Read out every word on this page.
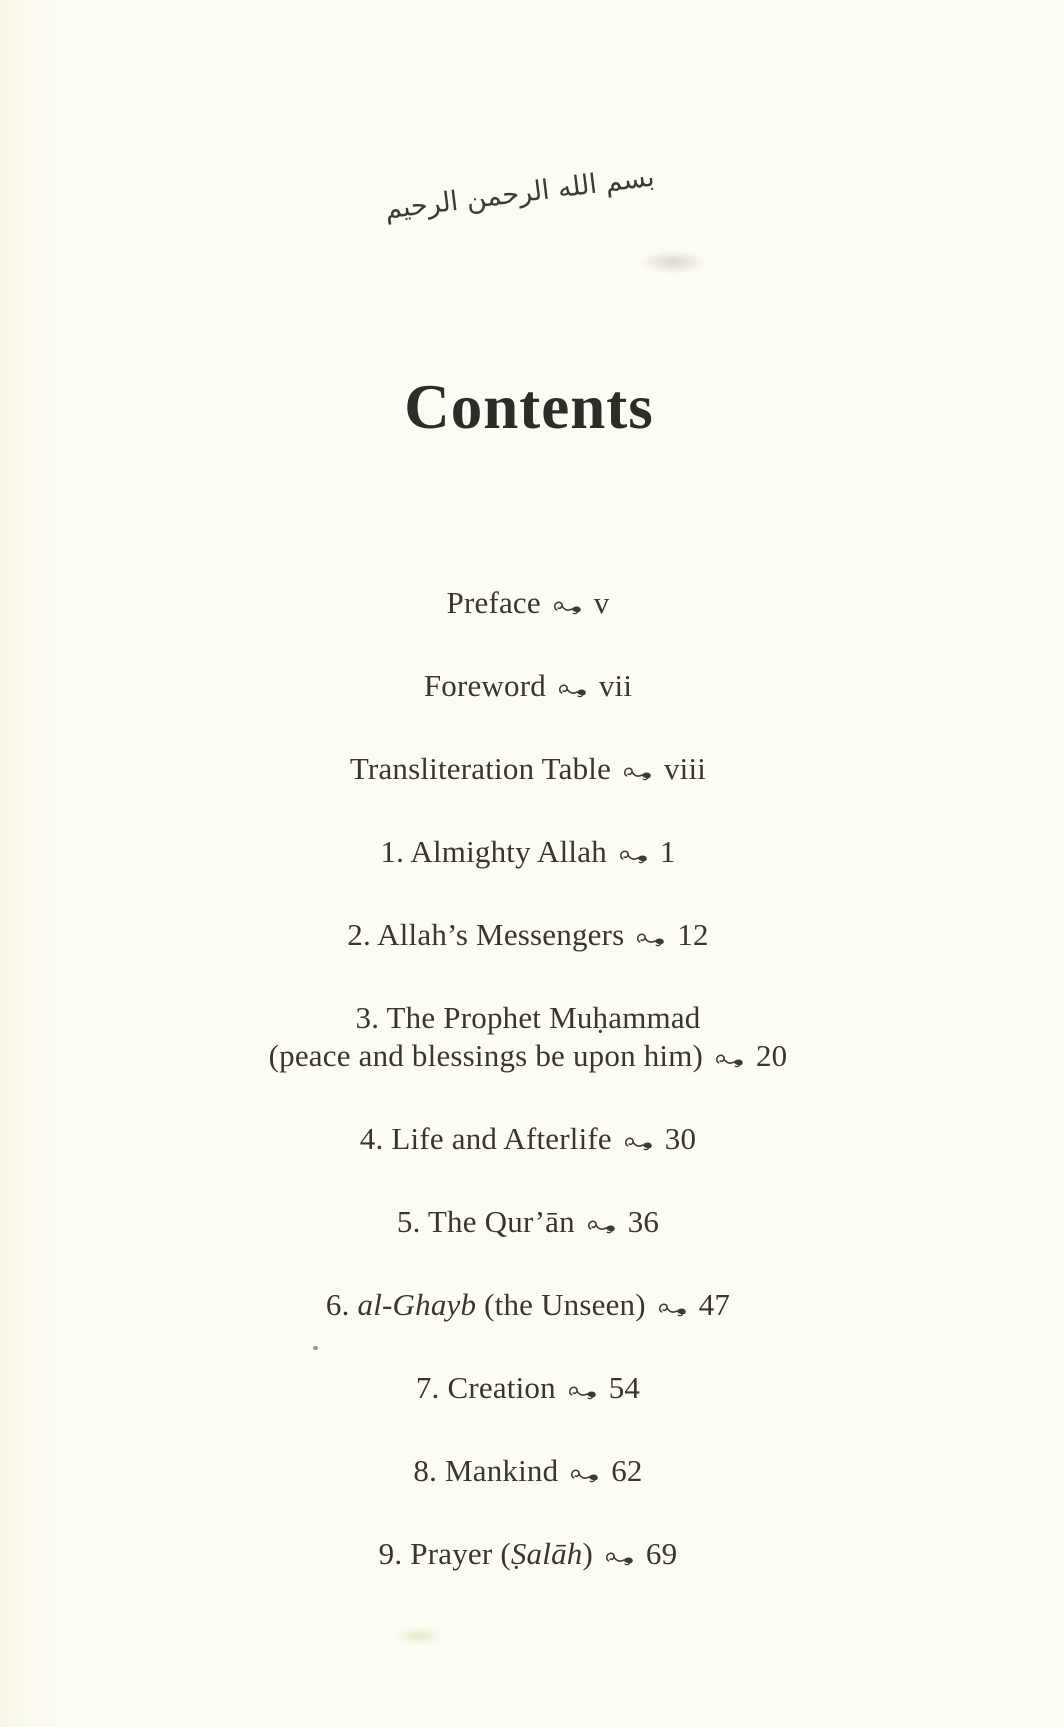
بسم الله الرحمن الرحيم
Contents

Preface v

Foreword vii

Transliteration Table viii

1. Almighty Allah 1

2. Allah’s Messengers 12

3. The Prophet Muḥammad
(peace and blessings be upon him) 20

4. Life and Afterlife 30

5. The Qur’ān 36

6. al-Ghayb (the Unseen) 47

7. Creation 54

8. Mankind 62

9. Prayer (Ṣalāh) 69
